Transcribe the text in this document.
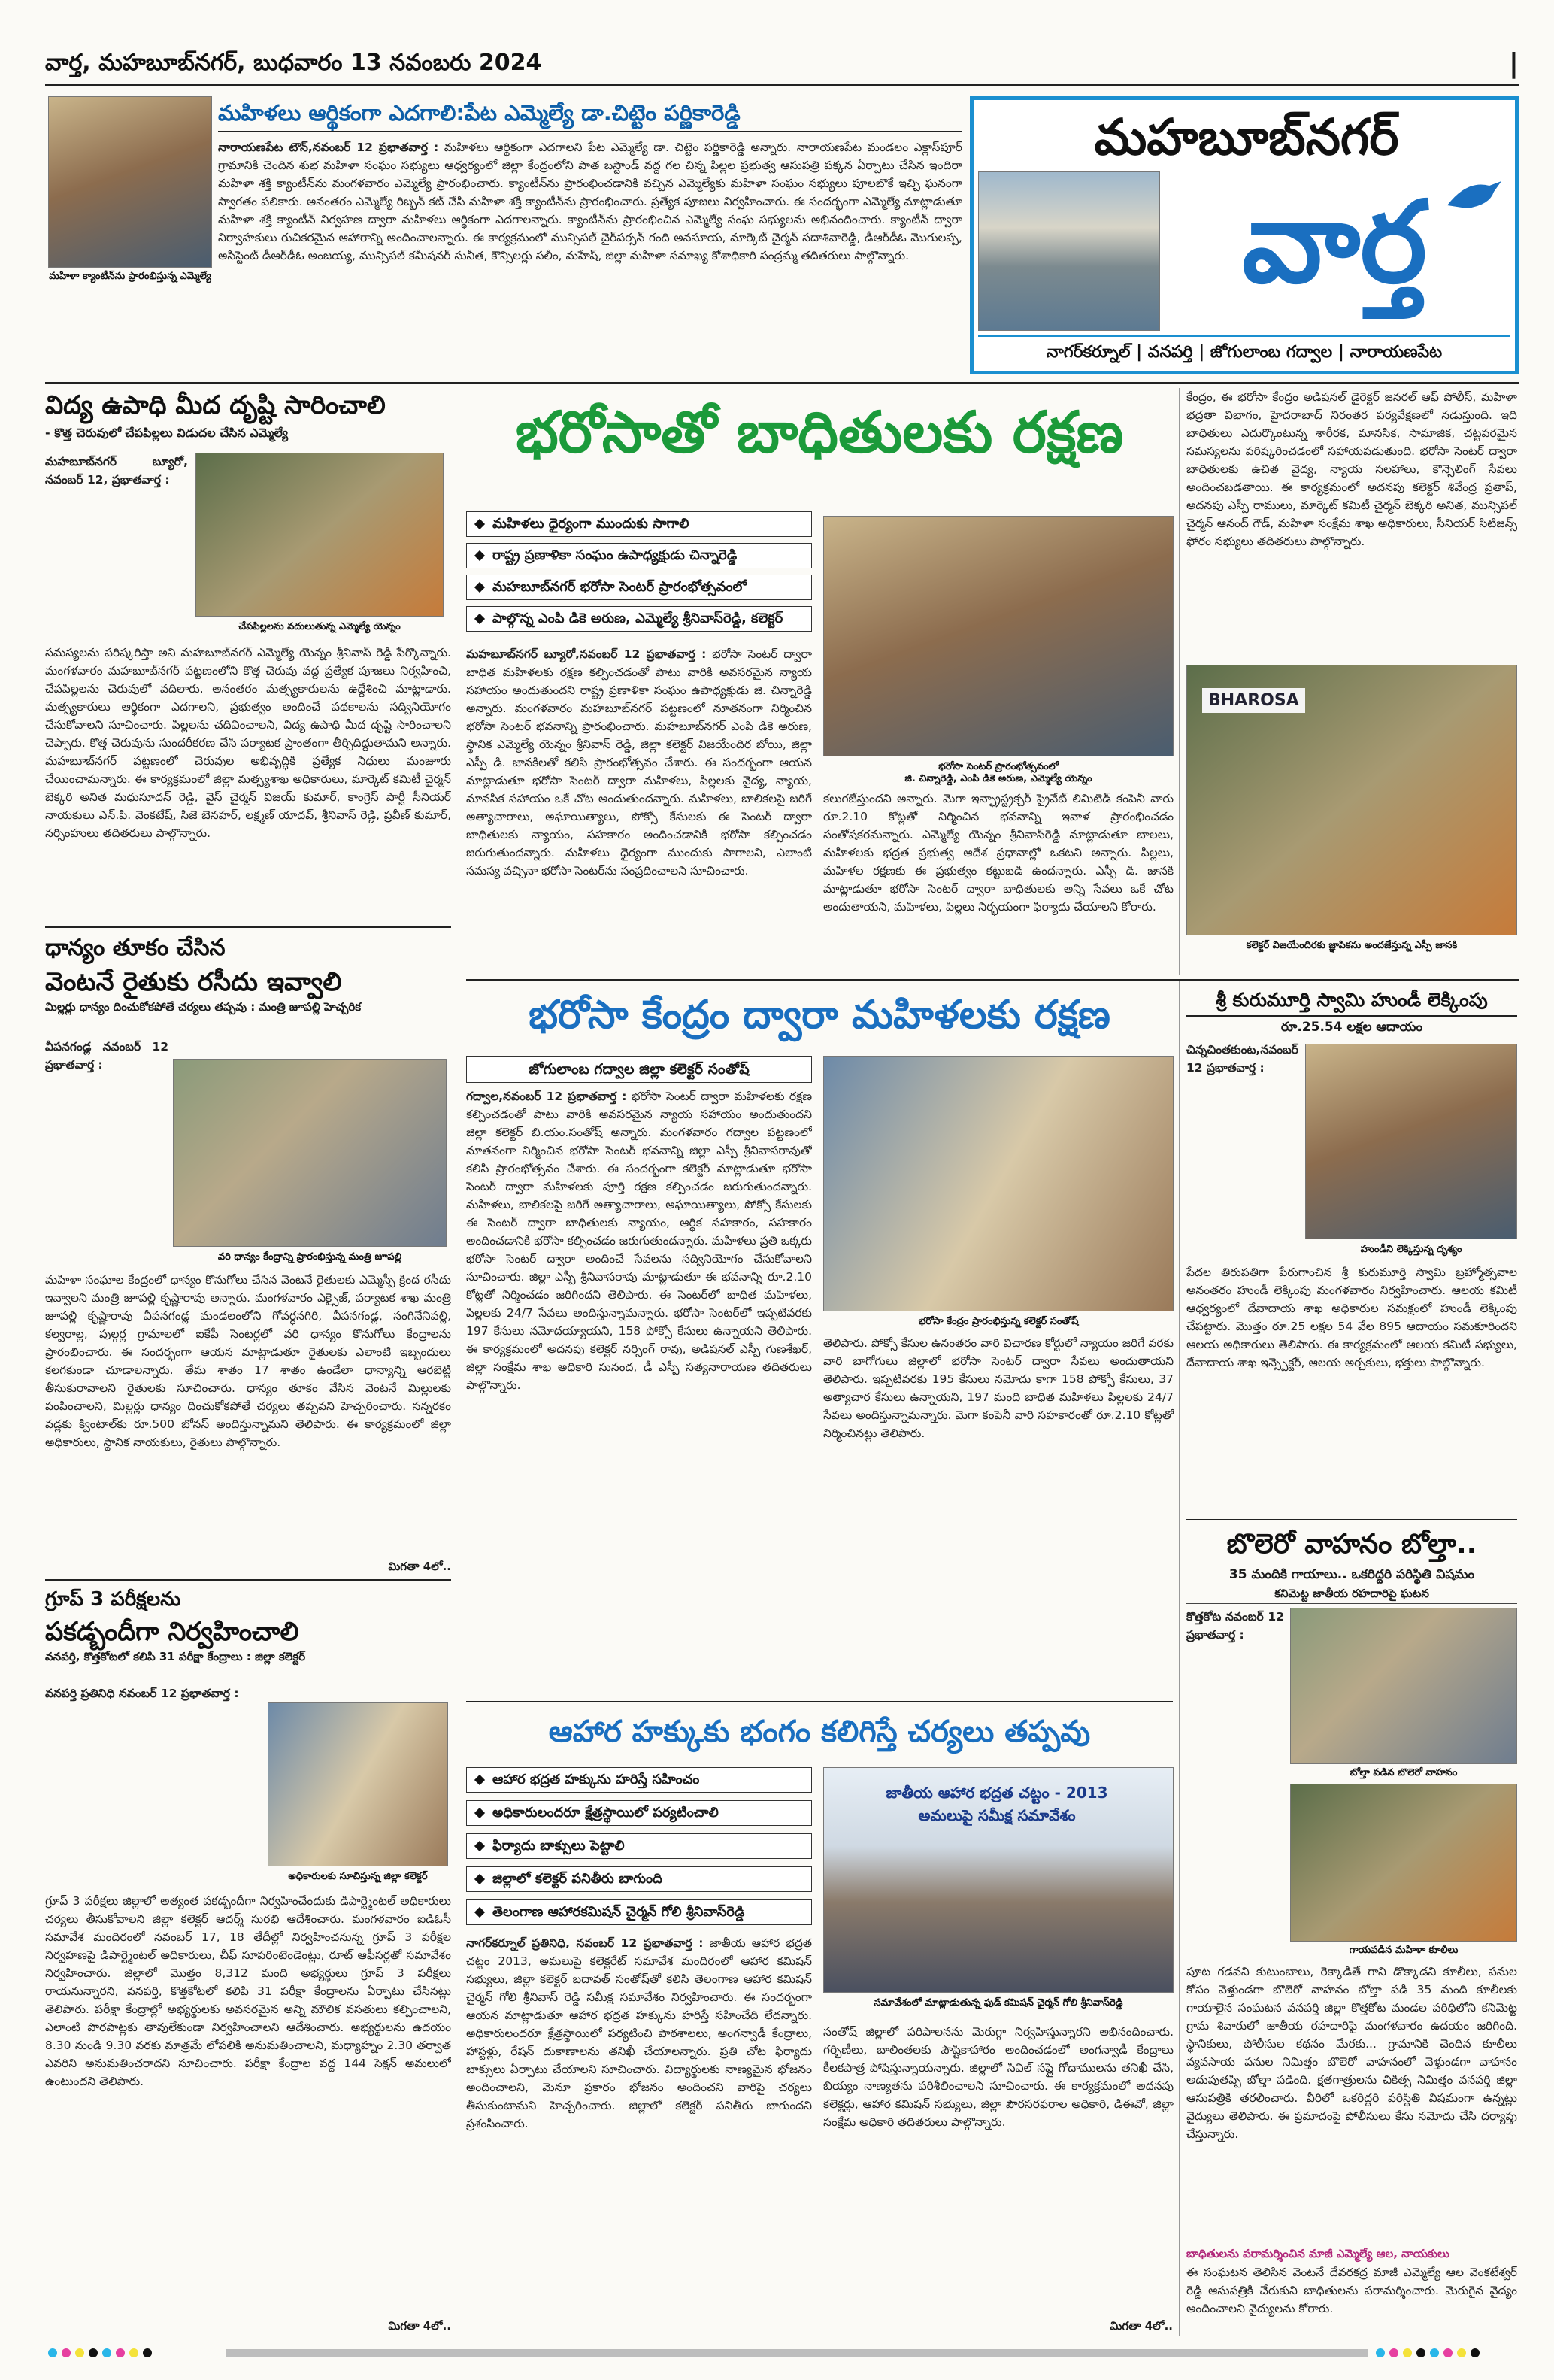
వార్త, మహబూబ్‌నగర్, బుధవారం 13 నవంబరు 2024	|
మహిళా క్యాంటీన్‌ను ప్రారంభిస్తున్న ఎమ్మెల్యే
మహిళలు ఆర్థికంగా ఎదగాలి:పేట ఎమ్మెల్యే డా.చిట్టెం పర్ణికారెడ్డి

నారాయణపేట టౌన్,నవంబర్ 12 ప్రభాతవార్త : మహిళలు ఆర్థికంగా ఎదగాలని పేట ఎమ్మెల్యే డా. చిట్టెం పర్ణికారెడ్డి అన్నారు. నారాయణపేట మండలం ఎక్లాస్‌పూర్ గ్రామానికి చెందిన శుభ మహిళా సంఘం సభ్యులు ఆధ్వర్యంలో జిల్లా కేంద్రంలోని పాత బస్టాండ్ వద్ద గల చిన్న పిల్లల ప్రభుత్వ ఆసుపత్రి పక్కన ఏర్పాటు చేసిన ఇందిరా మహిళా శక్తి క్యాంటీన్‌ను మంగళవారం ఎమ్మెల్యే ప్రారంభించారు. క్యాంటీన్‌ను ప్రారంభించడానికి వచ్చిన ఎమ్మెల్యేకు మహిళా సంఘం సభ్యులు పూలబొకే ఇచ్చి ఘనంగా స్వాగతం పలికారు. అనంతరం ఎమ్మెల్యే రిబ్బన్ కట్ చేసి మహిళా శక్తి క్యాంటీన్‌ను ప్రారంభించారు. ప్రత్యేక పూజలు నిర్వహించారు. ఈ సందర్భంగా ఎమ్మెల్యే మాట్లాడుతూ మహిళా శక్తి క్యాంటీన్ నిర్వహణ ద్వారా మహిళలు ఆర్థికంగా ఎదగాలన్నారు. క్యాంటీన్‌ను ప్రారంభించిన ఎమ్మెల్యే సంఘ సభ్యులను అభినందించారు. క్యాంటీన్ ద్వారా నిర్వాహకులు రుచికరమైన ఆహారాన్ని అందించాలన్నారు. ఈ కార్యక్రమంలో మున్సిపల్ చైర్‌పర్సన్ గంది అనసూయ, మార్కెట్ చైర్మన్ సదాశివారెడ్డి, డీఆర్‌డీఓ మొగులప్ప, అసిస్టెంట్ డీఆర్‌డీఓ అంజయ్య, మున్సిపల్ కమీషనర్ సునీత, కౌన్సిలర్లు సలీం, మహేష్, జిల్లా మహిళా సమాఖ్య కోశాధికారి పంద్రమ్మ తదితరులు పాల్గొన్నారు.

మహబూబ్‌నగర్
వార్త
నాగర్‌కర్నూల్ | వనపర్తి | జోగులాంబ గద్వాల | నారాయణపేట
విద్య ఉపాధి మీద దృష్టి సారించాలి
- కొత్త చెరువులో చేపపిల్లలు విడుదల చేసిన ఎమ్మెల్యే
చేపపిల్లలను వదులుతున్న ఎమ్మెల్యే యెన్నం

మహబూబ్‌నగర్ బ్యూరో, నవంబర్ 12, ప్రభాతవార్త :

సమస్యలను పరిష్కరిస్తా అని మహబూబ్‌నగర్ ఎమ్మెల్యే యెన్నం శ్రీనివాస్ రెడ్డి పేర్కొన్నారు. మంగళవారం మహబూబ్‌నగర్ పట్టణంలోని కొత్త చెరువు వద్ద ప్రత్యేక పూజలు నిర్వహించి, చేపపిల్లలను చెరువులో వదిలారు. అనంతరం మత్స్యకారులను ఉద్దేశించి మాట్లాడారు. మత్స్యకారులు ఆర్థికంగా ఎదగాలని, ప్రభుత్వం అందించే పథకాలను సద్వినియోగం చేసుకోవాలని సూచించారు. పిల్లలను చదివించాలని, విద్య ఉపాధి మీద దృష్టి సారించాలని చెప్పారు. కొత్త చెరువును సుందరీకరణ చేసి పర్యాటక ప్రాంతంగా తీర్చిదిద్దుతామని అన్నారు. మహబూబ్‌నగర్ పట్టణంలో చెరువుల అభివృద్ధికి ప్రత్యేక నిధులు మంజూరు చేయించామన్నారు. ఈ కార్యక్రమంలో జిల్లా మత్స్యశాఖ అధికారులు, మార్కెట్ కమిటీ చైర్మన్ బెక్కరి అనిత మధుసూదన్ రెడ్డి, వైస్ చైర్మన్ విజయ్ కుమార్, కాంగ్రెస్ పార్టీ సీనియర్ నాయకులు ఎన్‌.పి. వెంకటేష్, సిజె బెనహర్, లక్ష్మణ్ యాదవ్, శ్రీనివాస్ రెడ్డి, ప్రవీణ్ కుమార్, నర్సింహులు తదితరులు పాల్గొన్నారు.

ధాన్యం తూకం చేసిన
వెంటనే రైతుకు రసీదు ఇవ్వాలి
మిల్లర్లు ధాన్యం దించుకోకపోతే చర్యలు తప్పవు : మంత్రి జూపల్లి హెచ్చరిక
వరి ధాన్యం కేంద్రాన్ని ప్రారంభిస్తున్న మంత్రి జూపల్లి

వీపనగండ్ల నవంబర్ 12 ప్రభాతవార్త :

మహిళా సంఘాల కేంద్రంలో ధాన్యం కొనుగోలు చేసిన వెంటనే రైతులకు ఎమ్మెస్పీ క్రింద రసీదు ఇవ్వాలని మంత్రి జూపల్లి కృష్ణారావు అన్నారు. మంగళవారం ఎక్సైజ్, పర్యాటక శాఖ మంత్రి జూపల్లి కృష్ణారావు వీపనగండ్ల మండలంలోని గోవర్ధనగిరి, వీపనగండ్ల, సంగినేనిపల్లి, కల్వరాల్ల, పుల్గర్ల గ్రామాలలో ఐకేపీ సెంటర్లలో వరి ధాన్యం కొనుగోలు కేంద్రాలను ప్రారంభించారు. ఈ సందర్భంగా ఆయన మాట్లాడుతూ రైతులకు ఎలాంటి ఇబ్బందులు కలగకుండా చూడాలన్నారు. తేమ శాతం 17 శాతం ఉండేలా ధాన్యాన్ని ఆరబెట్టి తీసుకురావాలని రైతులకు సూచించారు. ధాన్యం తూకం వేసిన వెంటనే మిల్లులకు పంపించాలని, మిల్లర్లు ధాన్యం దించుకోకపోతే చర్యలు తప్పవని హెచ్చరించారు. సన్నరకం వడ్లకు క్వింటాల్‌కు రూ.500 బోనస్ అందిస్తున్నామని తెలిపారు. ఈ కార్యక్రమంలో జిల్లా అధికారులు, స్థానిక నాయకులు, రైతులు పాల్గొన్నారు.

మిగతా 4లో..
గ్రూప్ 3 పరీక్షలను
పకడ్బందీగా నిర్వహించాలి
వనపర్తి, కొత్తకోటలో కలిపి 31 పరీక్షా కేంద్రాలు : జిల్లా కలెక్టర్
అధికారులకు సూచిస్తున్న జిల్లా కలెక్టర్

వనపర్తి ప్రతినిధి నవంబర్ 12 ప్రభాతవార్త :

గ్రూప్ 3 పరీక్షలు జిల్లాలో అత్యంత పకడ్బందీగా నిర్వహించేందుకు డిపార్ట్మెంటల్ అధికారులు చర్యలు తీసుకోవాలని జిల్లా కలెక్టర్ ఆదర్శ్ సురభి ఆదేశించారు. మంగళవారం ఐడిఓసీ సమావేశ మందిరంలో నవంబర్ 17, 18 తేదీల్లో నిర్వహించనున్న గ్రూప్ 3 పరీక్షల నిర్వహణపై డిపార్ట్మెంటల్ అధికారులు, చీఫ్ సూపరింటెండెంట్లు, రూట్ ఆఫీసర్లతో సమావేశం నిర్వహించారు. జిల్లాలో మొత్తం 8,312 మంది అభ్యర్థులు గ్రూప్ 3 పరీక్షలు రాయనున్నారని, వనపర్తి, కొత్తకోటలో కలిపి 31 పరీక్షా కేంద్రాలను ఏర్పాటు చేసినట్లు తెలిపారు. పరీక్షా కేంద్రాల్లో అభ్యర్థులకు అవసరమైన అన్ని మౌలిక వసతులు కల్పించాలని, ఎలాంటి పొరపాట్లకు తావులేకుండా నిర్వహించాలని ఆదేశించారు. అభ్యర్థులను ఉదయం 8.30 నుండి 9.30 వరకు మాత్రమే లోపలికి అనుమతించాలని, మధ్యాహ్నం 2.30 తర్వాత ఎవరిని అనుమతించరాదని సూచించారు. పరీక్షా కేంద్రాల వద్ద 144 సెక్షన్ అమలులో ఉంటుందని తెలిపారు.

మిగతా 4లో..
భరోసాతో బాధితులకు రక్షణ
మహిళలు ధైర్యంగా ముందుకు సాగాలి
రాష్ట్ర ప్రణాళికా సంఘం ఉపాధ్యక్షుడు చిన్నారెడ్డి
మహబూబ్‌నగర్ భరోసా సెంటర్ ప్రారంభోత్సవంలో
పాల్గొన్న ఎంపి డికె అరుణ, ఎమ్మెల్యే శ్రీనివాస్‌రెడ్డి, కలెక్టర్

మహబూబ్‌నగర్ బ్యూరో,నవంబర్ 12 ప్రభాతవార్త : భరోసా సెంటర్ ద్వారా బాధిత మహిళలకు రక్షణ కల్పించడంతో పాటు వారికి అవసరమైన న్యాయ సహాయం అందుతుందని రాష్ట్ర ప్రణాళికా సంఘం ఉపాధ్యక్షుడు జి. చిన్నారెడ్డి అన్నారు. మంగళవారం మహబూబ్‌నగర్ పట్టణంలో నూతనంగా నిర్మించిన భరోసా సెంటర్ భవనాన్ని ప్రారంభించారు. మహబూబ్‌నగర్ ఎంపి డికె అరుణ, స్థానిక ఎమ్మెల్యే యెన్నం శ్రీనివాస్ రెడ్డి, జిల్లా కలెక్టర్ విజయేందిర బోయి, జిల్లా ఎస్పీ డి. జానకిలతో కలిసి ప్రారంభోత్సవం చేశారు. ఈ సందర్భంగా ఆయన మాట్లాడుతూ భరోసా సెంటర్ ద్వారా మహిళలు, పిల్లలకు వైద్య, న్యాయ, మానసిక సహాయం ఒకే చోట అందుతుందన్నారు. మహిళలు, బాలికలపై జరిగే అత్యాచారాలు, అఘాయిత్యాలు, పోక్సో కేసులకు ఈ సెంటర్ ద్వారా బాధితులకు న్యాయం, సహకారం అందించడానికి భరోసా కల్పించడం జరుగుతుందన్నారు. మహిళలు ధైర్యంగా ముందుకు సాగాలని, ఎలాంటి సమస్య వచ్చినా భరోసా సెంటర్‌ను సంప్రదించాలని సూచించారు.

భరోసా సెంటర్ ప్రారంభోత్సవంలో
జి. చిన్నారెడ్డి, ఎంపి డికె అరుణ, ఎమ్మెల్యే యెన్నం

కలుగజేస్తుందని అన్నారు. మెగా ఇన్ఫ్రాస్ట్రక్చర్ ప్రైవేట్ లిమిటెడ్ కంపెనీ వారు రూ.2.10 కోట్లతో నిర్మించిన భవనాన్ని ఇవాళ ప్రారంభించడం సంతోషకరమన్నారు. ఎమ్మెల్యే యెన్నం శ్రీనివాస్‌రెడ్డి మాట్లాడుతూ బాలలు, మహిళలకు భద్రత ప్రభుత్వ ఆదేశ ప్రధానాల్లో ఒకటని అన్నారు. పిల్లలు, మహిళల రక్షణకు ఈ ప్రభుత్వం కట్టుబడి ఉందన్నారు. ఎస్పీ డి. జానకి మాట్లాడుతూ భరోసా సెంటర్ ద్వారా బాధితులకు అన్ని సేవలు ఒకే చోట అందుతాయని, మహిళలు, పిల్లలు నిర్భయంగా ఫిర్యాదు చేయాలని కోరారు.

కేంద్రం, ఈ భరోసా కేంద్రం అడిషనల్ డైరెక్టర్ జనరల్ ఆఫ్ పోలీస్, మహిళా భద్రతా విభాగం, హైదరాబాద్ నిరంతర పర్యవేక్షణలో నడుస్తుంది. ఇది బాధితులు ఎదుర్కొంటున్న శారీరక, మానసిక, సామాజిక, చట్టపరమైన సమస్యలను పరిష్కరించడంలో సహాయపడుతుంది. భరోసా సెంటర్ ద్వారా బాధితులకు ఉచిత వైద్య, న్యాయ సలహాలు, కౌన్సెలింగ్ సేవలు అందించబడతాయి. ఈ కార్యక్రమంలో అదనపు కలెక్టర్ శివేంద్ర ప్రతాప్, అదనపు ఎస్పీ రాములు, మార్కెట్ కమిటీ చైర్మన్ బెక్కరి అనిత, మున్సిపల్ చైర్మన్ ఆనంద్ గౌడ్, మహిళా సంక్షేమ శాఖ అధికారులు, సీనియర్ సిటిజన్స్ ఫోరం సభ్యులు తదితరులు పాల్గొన్నారు.

BHAROSA
కలెక్టర్ విజయేందిరకు జ్ఞాపికను అందజేస్తున్న ఎస్పీ జానకి
భరోసా కేంద్రం ద్వారా మహిళలకు రక్షణ
జోగులాంబ గద్వాల జిల్లా కలెక్టర్ సంతోష్

గద్వాల,నవంబర్ 12 ప్రభాతవార్త : భరోసా సెంటర్ ద్వారా మహిళలకు రక్షణ కల్పించడంతో పాటు వారికి అవసరమైన న్యాయ సహాయం అందుతుందని జిల్లా కలెక్టర్ బి.యం.సంతోష్ అన్నారు. మంగళవారం గద్వాల పట్టణంలో నూతనంగా నిర్మించిన భరోసా సెంటర్ భవనాన్ని జిల్లా ఎస్పీ శ్రీనివాసరావుతో కలిసి ప్రారంభోత్సవం చేశారు. ఈ సందర్భంగా కలెక్టర్ మాట్లాడుతూ భరోసా సెంటర్ ద్వారా మహిళలకు పూర్తి రక్షణ కల్పించడం జరుగుతుందన్నారు. మహిళలు, బాలికలపై జరిగే అత్యాచారాలు, అఘాయిత్యాలు, పోక్సో కేసులకు ఈ సెంటర్ ద్వారా బాధితులకు న్యాయం, ఆర్థిక సహకారం, సహకారం అందించడానికి భరోసా కల్పించడం జరుగుతుందన్నారు. మహిళలు ప్రతి ఒక్కరు భరోసా సెంటర్ ద్వారా అందించే సేవలను సద్వినియోగం చేసుకోవాలని సూచించారు. జిల్లా ఎస్పీ శ్రీనివాసరావు మాట్లాడుతూ ఈ భవనాన్ని రూ.2.10 కోట్లతో నిర్మించడం జరిగిందని తెలిపారు. ఈ సెంటర్‌లో బాధిత మహిళలు, పిల్లలకు 24/7 సేవలు అందిస్తున్నామన్నారు. భరోసా సెంటర్‌లో ఇప్పటివరకు 197 కేసులు నమోదయ్యాయని, 158 పోక్సో కేసులు ఉన్నాయని తెలిపారు. ఈ కార్యక్రమంలో అదనపు కలెక్టర్ నర్సింగ్ రావు, అడిషనల్ ఎస్పీ గుణశేఖర్, జిల్లా సంక్షేమ శాఖ అధికారి సునంద, డీ ఎస్పీ సత్యనారాయణ తదితరులు పాల్గొన్నారు.

భరోసా కేంద్రం ప్రారంభిస్తున్న కలెక్టర్ సంతోష్

తెలిపారు. పోక్సో కేసుల ఉనంతరం వారి విచారణ కోర్టులో న్యాయం జరిగే వరకు వారి బాగోగులు జిల్లాలో భరోసా సెంటర్ ద్వారా సేవలు అందుతాయని తెలిపారు. ఇప్పటివరకు 195 కేసులు నమోదు కాగా 158 పోక్సో కేసులు, 37 అత్యాచార కేసులు ఉన్నాయని, 197 మంది బాధిత మహిళలు పిల్లలకు 24/7 సేవలు అందిస్తున్నామన్నారు. మెగా కంపెనీ వారి సహకారంతో రూ.2.10 కోట్లతో నిర్మించినట్లు తెలిపారు.

శ్రీ కురుమూర్తి స్వామి హుండీ లెక్కింపు
రూ.25.54 లక్షల ఆదాయం

చిన్నచింతకుంట,నవంబర్ 12 ప్రభాతవార్త :

హుండీని లెక్కిస్తున్న దృశ్యం

పేదల తిరుపతిగా పేరుగాంచిన శ్రీ కురుమూర్తి స్వామి బ్రహ్మోత్సవాల అనంతరం హుండీ లెక్కింపు మంగళవారం నిర్వహించారు. ఆలయ కమిటీ ఆధ్వర్యంలో దేవాదాయ శాఖ అధికారుల సమక్షంలో హుండీ లెక్కింపు చేపట్టారు. మొత్తం రూ.25 లక్షల 54 వేల 895 ఆదాయం సమకూరిందని ఆలయ అధికారులు తెలిపారు. ఈ కార్యక్రమంలో ఆలయ కమిటీ సభ్యులు, దేవాదాయ శాఖ ఇన్స్పెక్టర్, ఆలయ అర్చకులు, భక్తులు పాల్గొన్నారు.

బొలెరో వాహనం బోల్తా..
35 మందికి గాయాలు.. ఒకరిద్దరి పరిస్థితి విషమం
కనిమెట్ట జాతీయ రహదారిపై ఘటన

కొత్తకోట నవంబర్ 12 ప్రభాతవార్త :

బోల్తా పడిన బొలెరో వాహనం
గాయపడిన మహిళా కూలీలు

పూట గడవని కుటుంబాలు, రెక్కాడితే గాని డొక్కాడని కూలీలు, పనుల కోసం వెళ్తుండగా బొలెరో వాహనం బోల్తా పడి 35 మంది కూలీలకు గాయాలైన సంఘటన వనపర్తి జిల్లా కొత్తకోట మండల పరిధిలోని కనిమెట్ట గ్రామ శివారులో జాతీయ రహదారిపై మంగళవారం ఉదయం జరిగింది. స్థానికులు, పోలీసుల కథనం మేరకు... గ్రామానికి చెందిన కూలీలు వ్యవసాయ పనుల నిమిత్తం బొలెరో వాహనంలో వెళ్తుండగా వాహనం అదుపుతప్పి బోల్తా పడింది. క్షతగాత్రులను చికిత్స నిమిత్తం వనపర్తి జిల్లా ఆసుపత్రికి తరలించారు. వీరిలో ఒకరిద్దరి పరిస్థితి విషమంగా ఉన్నట్లు వైద్యులు తెలిపారు. ఈ ప్రమాదంపై పోలీసులు కేసు నమోదు చేసి దర్యాప్తు చేస్తున్నారు.

బాధితులను పరామర్శించిన మాజీ ఎమ్మెల్యే ఆల, నాయకులు

ఈ సంఘటన తెలిసిన వెంటనే దేవరకద్ర మాజీ ఎమ్మెల్యే ఆల వెంకటేశ్వర్ రెడ్డి ఆసుపత్రికి చేరుకుని బాధితులను పరామర్శించారు. మెరుగైన వైద్యం అందించాలని వైద్యులను కోరారు.

ఆహార హక్కుకు భంగం కలిగిస్తే చర్యలు తప్పవు
ఆహార భద్రత హక్కును హరిస్తే సహించం
అధికారులందరూ క్షేత్రస్థాయిలో పర్యటించాలి
ఫిర్యాదు బాక్సులు పెట్టాలి
జిల్లాలో కలెక్టర్ పనితీరు బాగుంది
తెలంగాణ ఆహారకమిషన్ చైర్మన్ గోలి శ్రీనివాస్‌రెడ్డి

నాగర్‌కర్నూల్ ప్రతినిధి, నవంబర్ 12 ప్రభాతవార్త : జాతీయ ఆహార భద్రత చట్టం 2013, అమలుపై కలెక్టరేట్ సమావేశ మందిరంలో ఆహార కమిషన్ సభ్యులు, జిల్లా కలెక్టర్ బదావత్ సంతోష్‌తో కలిసి తెలంగాణ ఆహార కమిషన్ చైర్మన్ గోలి శ్రీనివాస్ రెడ్డి సమీక్ష సమావేశం నిర్వహించారు. ఈ సందర్భంగా ఆయన మాట్లాడుతూ ఆహార భద్రత హక్కును హరిస్తే సహించేది లేదన్నారు. అధికారులందరూ క్షేత్రస్థాయిలో పర్యటించి పాఠశాలలు, అంగన్వాడీ కేంద్రాలు, హాస్టళ్లు, రేషన్ దుకాణాలను తనిఖీ చేయాలన్నారు. ప్రతి చోట ఫిర్యాదు బాక్సులు ఏర్పాటు చేయాలని సూచించారు. విద్యార్థులకు నాణ్యమైన భోజనం అందించాలని, మెనూ ప్రకారం భోజనం అందించని వారిపై చర్యలు తీసుకుంటామని హెచ్చరించారు. జిల్లాలో కలెక్టర్ పనితీరు బాగుందని ప్రశంసించారు.

జాతీయ ఆహార భద్రత చట్టం - 2013
అమలుపై సమీక్ష సమావేశం
సమావేశంలో మాట్లాడుతున్న ఫుడ్ కమిషన్ చైర్మన్ గోలి శ్రీనివాస్‌రెడ్డి

సంతోష్ జిల్లాలో పరిపాలనను మెరుగ్గా నిర్వహిస్తున్నారని అభినందించారు. గర్భిణీలు, బాలింతలకు పౌష్టికాహారం అందించడంలో అంగన్వాడీ కేంద్రాలు కీలకపాత్ర పోషిస్తున్నాయన్నారు. జిల్లాలో సివిల్ సప్లై గోదాములను తనిఖీ చేసి, బియ్యం నాణ్యతను పరిశీలించాలని సూచించారు. ఈ కార్యక్రమంలో అదనపు కలెక్టర్లు, ఆహార కమిషన్ సభ్యులు, జిల్లా పౌరసరఫరాల అధికారి, డిఈవో, జిల్లా సంక్షేమ అధికారి తదితరులు పాల్గొన్నారు.

మిగతా 4లో..
